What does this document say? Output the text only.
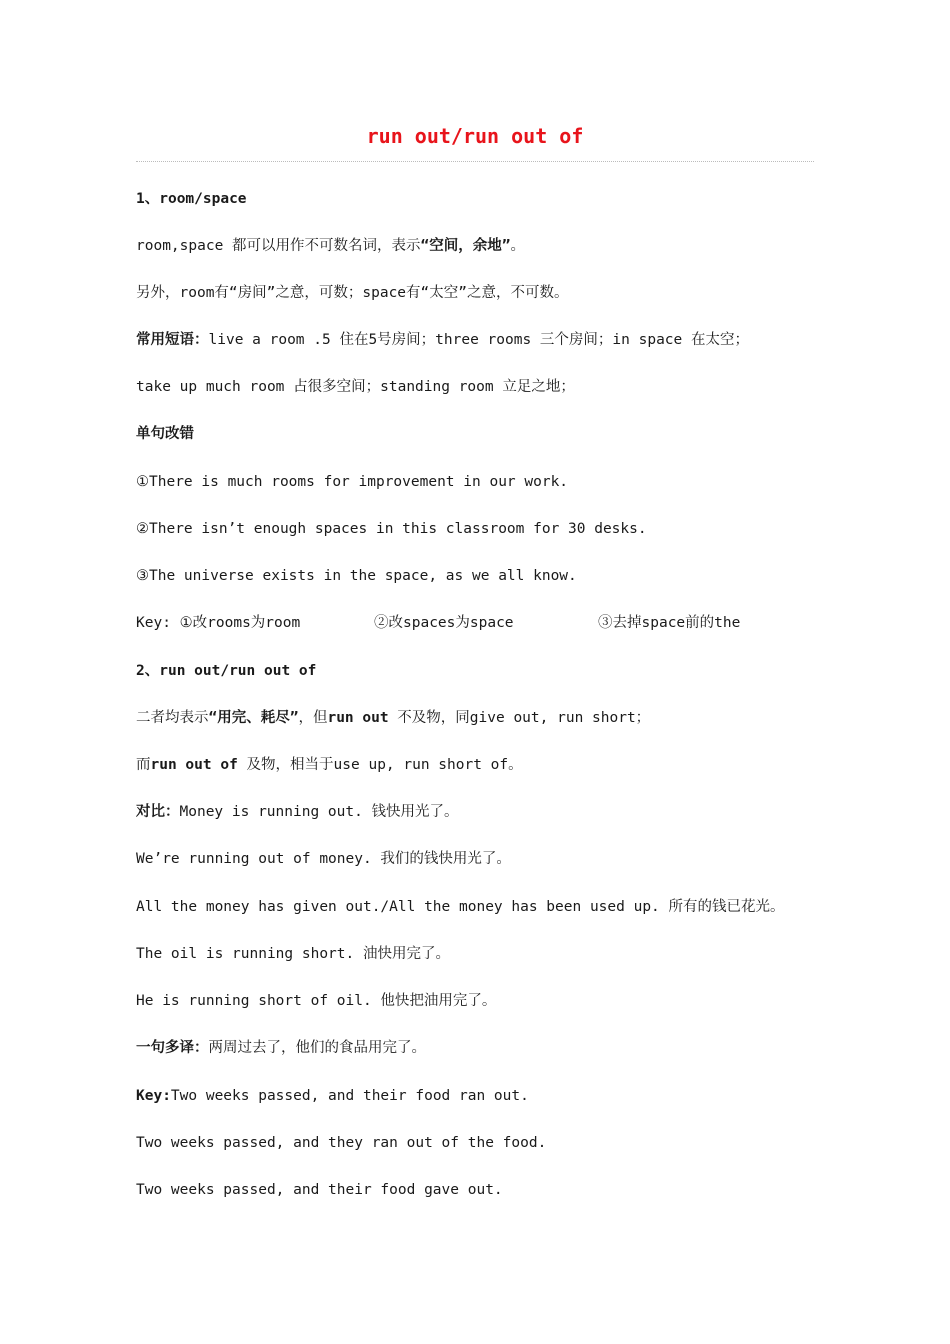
run out/run out of
1、room/space
room,space 都可以用作不可数名词，表示“空间，余地”。
另外，room有“房间”之意，可数；space有“太空”之意，不可数。
常用短语：live a room .5 住在5号房间；three rooms 三个房间；in space 在太空；
take up much room 占很多空间；standing room 立足之地；
单句改错
①There is much rooms for improvement in our work.
②There isn’t enough spaces in this classroom for 30 desks.
③The universe exists in the space, as we all know.
Key: ①改rooms为room	②改spaces为space	③去掉space前的the
2、run out/run out of
二者均表示“用完、耗尽”，但run out 不及物，同give out, run short；
而run out of 及物，相当于use up, run short of。
对比：Money is running out. 钱快用光了。
We’re running out of money. 我们的钱快用光了。
All the money has given out./All the money has been used up. 所有的钱已花光。
The oil is running short. 油快用完了。
He is running short of oil. 他快把油用完了。
一句多译：两周过去了，他们的食品用完了。
Key:Two weeks passed, and their food ran out.
Two weeks passed, and they ran out of the food.
Two weeks passed, and their food gave out.
